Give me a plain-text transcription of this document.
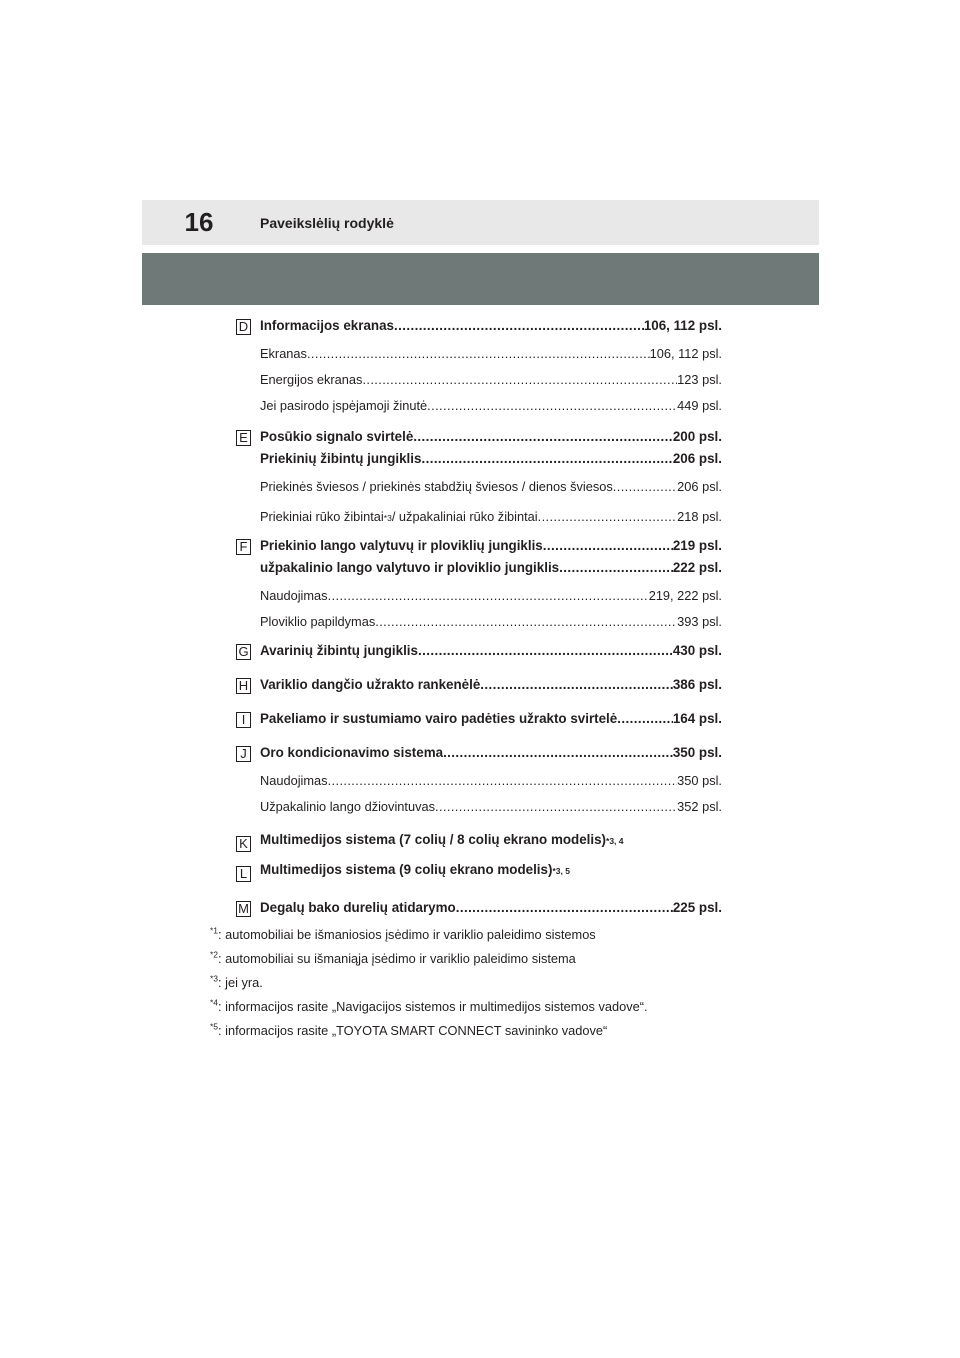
16	Paveikslėlių rodyklė
D Informacijos ekranas .....	106, 112 psl.
Ekranas .....	106, 112 psl.
Energijos ekranas .....	123 psl.
Jei pasirodo įspėjamoji žinutė .....	449 psl.
E Posūkio signalo svirtelė .....	200 psl.
Priekinių žibintų jungiklis .....	206 psl.
Priekinės šviesos / priekinės stabdžių šviesos / dienos šviesos .....	206 psl.
Priekiniai rūko žibintai *3 / užpakaliniai rūko žibintai .....	218 psl.
F Priekinio lango valytuvų ir ploviklių jungiklis .....	219 psl.
užpakalinio lango valytuvo ir ploviklio jungiklis .....	222 psl.
Naudojimas .....	219, 222 psl.
Ploviklio papildymas .....	393 psl.
G Avarinių žibintų jungiklis .....	430 psl.
H Variklio dangčio užrakto rankenėlė .....	386 psl.
I	Pakeliamo ir sustumiamo vairo padėties užrakto svirtelė .....	164 psl.
J Oro kondicionavimo sistema .....	350 psl.
Naudojimas .....	350 psl.
Užpakalinio lango džiovintuvas .....	352 psl.
K Multimedijos sistema (7 colių / 8 colių ekrano modelis) *3, 4
L Multimedijos sistema (9 colių ekrano modelis) *3, 5
M Degalų bako durelių atidarymo .....	225 psl.
$^{*1}$: automobiliai be išmaniosios įsėdimo ir variklio paleidimo sistemos
$^{*2}$: automobiliai su išmaniąja įsėdimo ir variklio paleidimo sistema
$^{*3}$: jei yra.
$^{*4}$: informacijos rasite „Navigacijos sistemos ir multimedijos sistemos vadove“.
$^{*5}$: informacijos rasite „TOYOTA SMART CONNECT savininko vadove“
